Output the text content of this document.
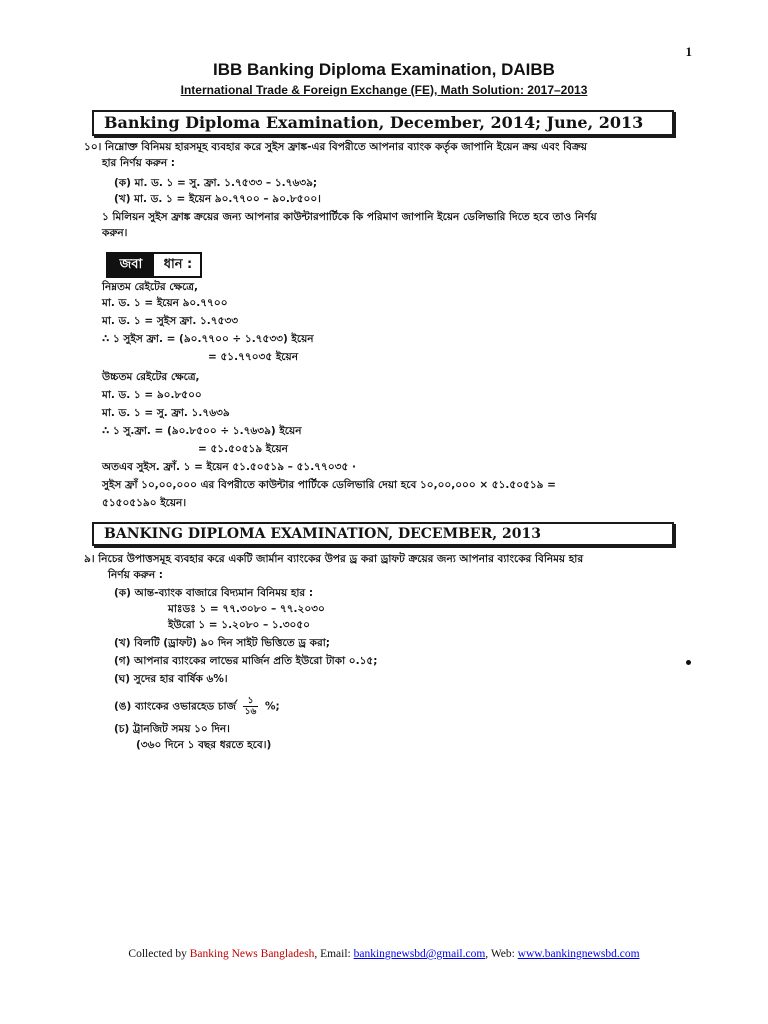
1
IBB Banking Diploma Examination, DAIBB
International Trade & Foreign Exchange (FE), Math Solution: 2017–2013
Banking Diploma Examination, December, 2014; June, 2013
১০। নিম্নোক্ত বিনিময় হারসমূহ ব্যবহার করে সুইস ফ্রাঙ্ক-এর বিপরীতে আপনার ব্যাংক কর্তৃক জাপানি ইয়েন ক্রয় এবং বিক্রয়
হার নির্ণয় করুন :
(ক) মা. ড. ১ = সু. ফ্রা. ১.৭৫৩৩ – ১.৭৬৩৯;
(খ) মা. ড. ১ = ইয়েন ৯০.৭৭০০ – ৯০.৮৫০০।
১ মিলিয়ন সুইস ফ্রাঙ্ক ক্রয়ের জন্য আপনার কাউন্টারপার্টিকে কি পরিমাণ জাপানি ইয়েন ডেলিভারি দিতে হবে তাও নির্ণয়
করুন।
জবা	ধান :
নিম্নতম রেইটের ক্ষেত্রে,
মা. ড. ১ = ইয়েন ৯০.৭৭০০
মা. ড. ১ = সুইস ফ্রা. ১.৭৫৩৩
∴ ১ সুইস ফ্রা. = (৯০.৭৭০০ ÷ ১.৭৫৩৩) ইয়েন
= ৫১.৭৭০৩৫ ইয়েন
উচ্চতম রেইটের ক্ষেত্রে,
মা. ড. ১ = ৯০.৮৫০০
মা. ড. ১ = সু. ফ্রা. ১.৭৬৩৯
∴ ১ সু.ফ্রা. = (৯০.৮৫০০ ÷ ১.৭৬৩৯) ইয়েন
= ৫১.৫০৫১৯ ইয়েন
অতএব সুইস. ফ্রাঁ. ১ = ইয়েন ৫১.৫০৫১৯ – ৫১.৭৭০৩৫ ·
সুইস ফ্রাঁ ১০,০০,০০০ এর বিপরীতে কাউন্টার পার্টিকে ডেলিভারি দেয়া হবে ১০,০০,০০০ × ৫১.৫০৫১৯ =
৫১৫০৫১৯০ ইয়েন।
BANKING DIPLOMA EXAMINATION, DECEMBER, 2013
৯। নিচের উপাত্তসমূহ ব্যবহার করে একটি জার্মান ব্যাংকের উপর ড্র করা ড্রাফট ক্রয়ের জন্য আপনার ব্যাংকের বিনিময় হার
নির্ণয় করুন :
(ক) আন্ত-ব্যাংক বাজারে বিদ্যমান বিনিময় হার :
মাঃডঃ ১ = ৭৭.৩০৮০ – ৭৭.২০৩০
ইউরো ১ = ১.২০৮০ – ১.৩০৫০
(খ) বিলটি (ড্রাফট) ৯০ দিন সাইট ভিত্তিতে ড্র করা;
(গ) আপনার ব্যাংকের লাভের মার্জিন প্রতি ইউরো টাকা ০.১৫;
(ঘ) সুদের হার বার্ষিক ৬%।
(ঙ) ব্যাংকের ওভারহেড চার্জ $\frac{১}{১৬}$ %;
(চ) ট্রানজিট সময় ১০ দিন।
(৩৬০ দিনে ১ বছর ধরতে হবে।)
Collected by Banking News Bangladesh, Email: bankingnewsbd@gmail.com, Web: www.bankingnewsbd.com
